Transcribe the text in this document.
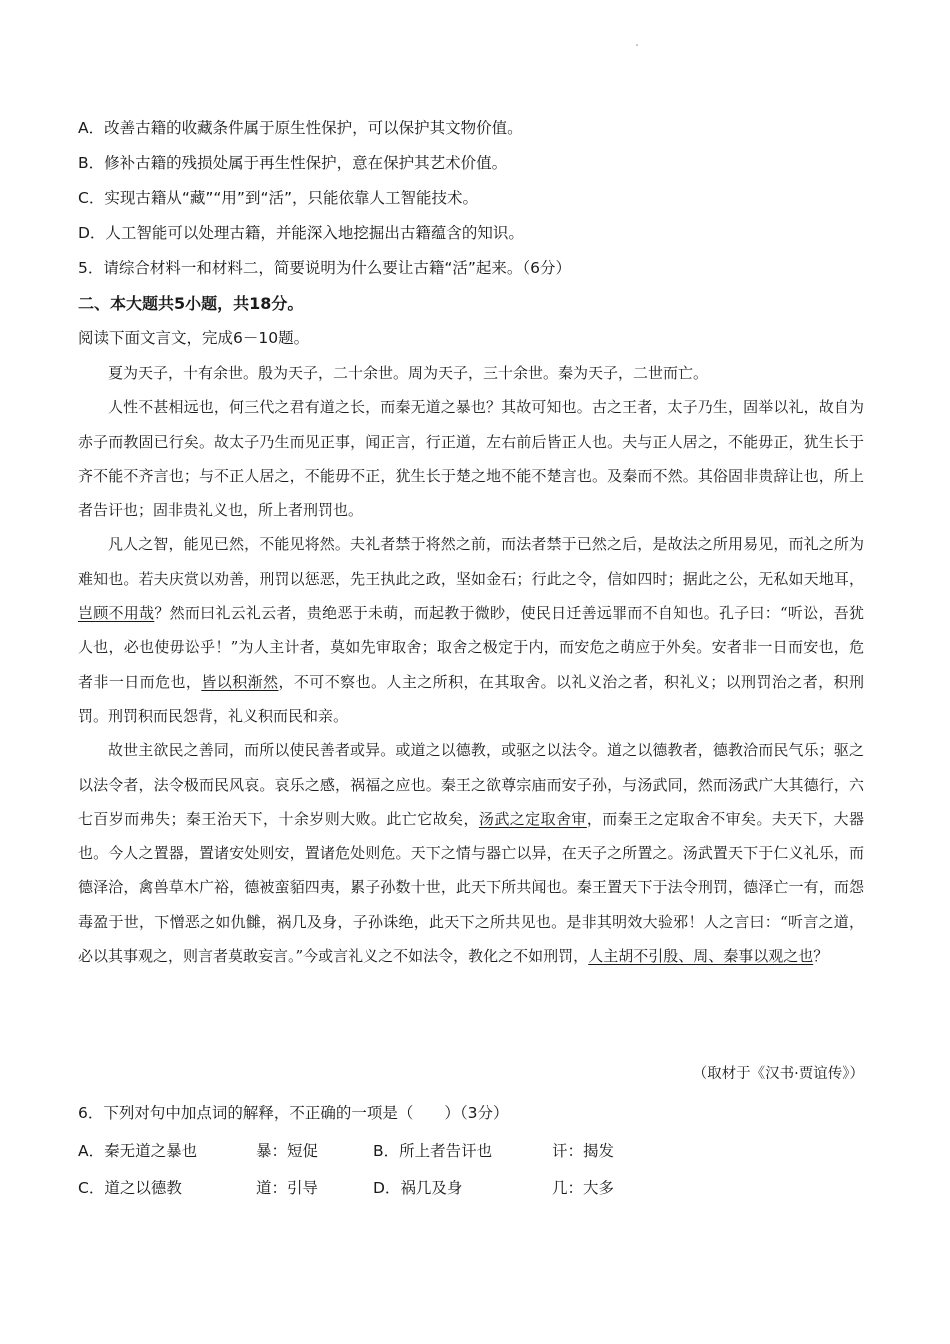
A．改善古籍的收藏条件属于原生性保护，可以保护其文物价值。
B．修补古籍的残损处属于再生性保护，意在保护其艺术价值。
C．实现古籍从“藏”“用”到“活”，只能依靠人工智能技术。
D．人工智能可以处理古籍，并能深入地挖掘出古籍蕴含的知识。
5．请综合材料一和材料二，简要说明为什么要让古籍“活”起来。（6分）
二、本大题共5小题，共18分。
阅读下面文言文，完成6－10题。

夏为天子，十有余世。殷为天子，二十余世。周为天子，三十余世。秦为天子，二世而亡。

人性不甚相远也，何三代之君有道之长，而秦无道之暴也？其故可知也。古之王者，太子乃生，固举以礼，故自为赤子而教固已行矣。故太子乃生而见正事，闻正言，行正道，左右前后皆正人也。夫与正人居之，不能毋正，犹生长于齐不能不齐言也；与不正人居之，不能毋不正，犹生长于楚之地不能不楚言也。及秦而不然。其俗固非贵辞让也，所上者告讦也；固非贵礼义也，所上者刑罚也。

凡人之智，能见已然，不能见将然。夫礼者禁于将然之前，而法者禁于已然之后，是故法之所用易见，而礼之所为难知也。若夫庆赏以劝善，刑罚以惩恶，先王执此之政，坚如金石；行此之令，信如四时；据此之公，无私如天地耳，岂顾不用哉？然而曰礼云礼云者，贵绝恶于未萌，而起教于微眇，使民日迁善远罪而不自知也。孔子曰：“听讼，吾犹人也，必也使毋讼乎！”为人主计者，莫如先审取舍；取舍之极定于内，而安危之萌应于外矣。安者非一日而安也，危者非一日而危也，皆以积渐然，不可不察也。人主之所积，在其取舍。以礼义治之者，积礼义；以刑罚治之者，积刑罚。刑罚积而民怨背，礼义积而民和亲。

故世主欲民之善同，而所以使民善者或异。或道之以德教，或驱之以法令。道之以德教者，德教洽而民气乐；驱之以法令者，法令极而民风哀。哀乐之感，祸福之应也。秦王之欲尊宗庙而安子孙，与汤武同，然而汤武广大其德行，六七百岁而弗失；秦王治天下，十余岁则大败。此亡它故矣，汤武之定取舍审，而秦王之定取舍不审矣。夫天下，大器也。今人之置器，置诸安处则安，置诸危处则危。天下之情与器亡以异，在天子之所置之。汤武置天下于仁义礼乐，而德泽洽，禽兽草木广裕，德被蛮貊四夷，累子孙数十世，此天下所共闻也。秦王置天下于法令刑罚，德泽亡一有，而怨毒盈于世，下憎恶之如仇雠，祸几及身，子孙诛绝，此天下之所共见也。是非其明效大验邪！人之言曰：“听言之道，必以其事观之，则言者莫敢妄言。”今或言礼义之不如法令，教化之不如刑罚，人主胡不引殷、周、秦事以观之也？

（取材于《汉书·贾谊传》）
6．下列对句中加点词的解释，不正确的一项是（　　）（3分）
A．秦无道之暴也	暴：短促	B．所上者告讦也	讦：揭发
C．道之以德教	道：引导	D．祸几及身	几：大多
